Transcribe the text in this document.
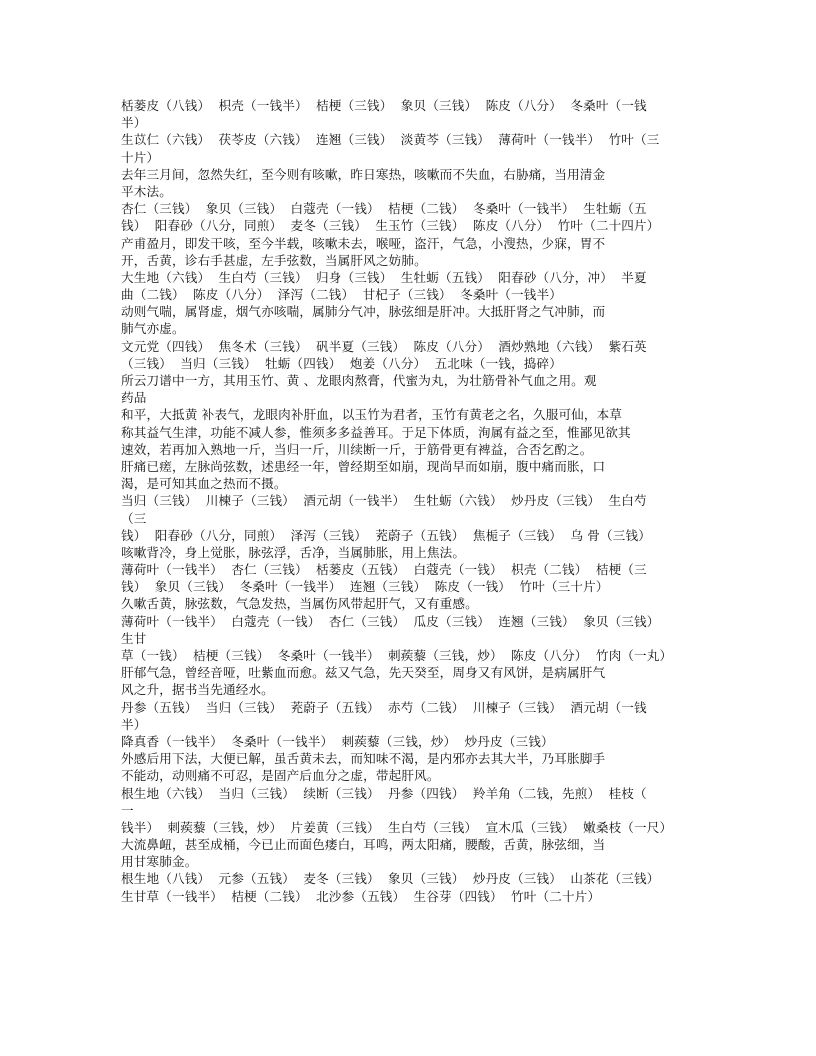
栝蒌皮（八钱）  枳壳（一钱半）  桔梗（三钱）  象贝（三钱）  陈皮（八分）  冬桑叶（一钱
半）
生苡仁（六钱）  茯苓皮（六钱）  连翘（三钱）  淡黄芩（三钱）  薄荷叶（一钱半）  竹叶（三
十片）
去年三月间，忽然失红，至今则有咳嗽，昨日寒热，咳嗽而不失血，右胁痛，当用清金
平木法。
杏仁（三钱）  象贝（三钱）  白蔻壳（一钱）  桔梗（二钱）  冬桑叶（一钱半）  生牡蛎（五
钱）  阳春砂（八分，同煎）  麦冬（三钱）  生玉竹（三钱）  陈皮（八分）  竹叶（二十四片）
产甫盈月，即发干咳，至今半载，咳嗽未去，喉哑，盗汗，气急，小溲热，少寐，胃不
开，舌黄，诊右手甚虚，左手弦数，当属肝风之妨肺。
大生地（六钱）  生白芍（三钱）  归身（三钱）  生牡蛎（五钱）  阳春砂（八分，冲）  半夏
曲（二钱）  陈皮（八分）  泽泻（二钱）  甘杞子（三钱）  冬桑叶（一钱半）
动则气喘，属肾虚，烟气亦咳喘，属肺分气冲，脉弦细是肝冲。大抵肝肾之气冲肺，而
肺气亦虚。
文元党（四钱）  焦冬术（三钱）  矾半夏（三钱）  陈皮（八分）  酒炒熟地（六钱）  紫石英
（三钱）  当归（三钱）  牡蛎（四钱）  炮姜（八分）  五北味（一钱，捣碎）
所云刀谱中一方，其用玉竹、黄 、龙眼肉熬膏，代蜜为丸，为壮筋骨补气血之用。观
药品
和平，大抵黄 补表气，龙眼肉补肝血，以玉竹为君者，玉竹有黄老之名，久服可仙，本草
称其益气生津，功能不减人参，惟须多多益善耳。于足下体质，洵属有益之至，惟鄙见欲其
速效，若再加入熟地一斤，当归一斤，川续断一斤，于筋骨更有裨益，合否乞酌之。
肝痛已瘥，左脉尚弦数，述患经一年，曾经期至如崩，现尚早而如崩，腹中痛而胀，口
渴，是可知其血之热而不摄。
当归（三钱）  川楝子（三钱）  酒元胡（一钱半）  生牡蛎（六钱）  炒丹皮（三钱）  生白芍
（三
钱）  阳春砂（八分，同煎）  泽泻（三钱）  茺蔚子（五钱）  焦栀子（三钱）  乌 骨（三钱）
咳嗽背冷，身上觉胀，脉弦浮，舌净，当属肺胀，用上焦法。
薄荷叶（一钱半）  杏仁（三钱）  栝蒌皮（五钱）  白蔻壳（一钱）  枳壳（二钱）  桔梗（三
钱）  象贝（三钱）  冬桑叶（一钱半）  连翘（三钱）  陈皮（一钱）  竹叶（三十片）
久嗽舌黄，脉弦数，气急发热，当属伤风带起肝气，又有重感。
薄荷叶（一钱半）  白蔻壳（一钱）  杏仁（三钱）  瓜皮（三钱）  连翘（三钱）  象贝（三钱）
生甘
草（一钱）  桔梗（三钱）  冬桑叶（一钱半）  刺蒺藜（三钱，炒）  陈皮（八分）  竹肉（一丸）
肝郁气急，曾经音哑，吐紫血而愈。兹又气急，先天癸至，周身又有风饼，是病属肝气
风之升，据书当先通经水。
丹参（五钱）  当归（三钱）  茺蔚子（五钱）  赤芍（二钱）  川楝子（三钱）  酒元胡（一钱
半）
降真香（一钱半）  冬桑叶（一钱半）  刺蒺藜（三钱，炒）  炒丹皮（三钱）
外感后用下法，大便已解，虽舌黄未去，而知味不渴，是内邪亦去其大半，乃耳胀脚手
不能动，动则痛不可忍，是固产后血分之虚，带起肝风。
根生地（六钱）  当归（三钱）  续断（三钱）  丹参（四钱）  羚羊角（二钱，先煎）  桂枝（
一
钱半）  刺蒺藜（三钱，炒）  片姜黄（三钱）  生白芍（三钱）  宣木瓜（三钱）  嫩桑枝（一尺）
大流鼻衄，甚至成桶，今已止而面色痿白，耳鸣，两太阳痛，腰酸，舌黄，脉弦细，当
用甘寒肺金。
根生地（八钱）  元参（五钱）  麦冬（三钱）  象贝（三钱）  炒丹皮（三钱）  山茶花（三钱）
生甘草（一钱半）  桔梗（二钱）  北沙参（五钱）  生谷芽（四钱）  竹叶（二十片）
